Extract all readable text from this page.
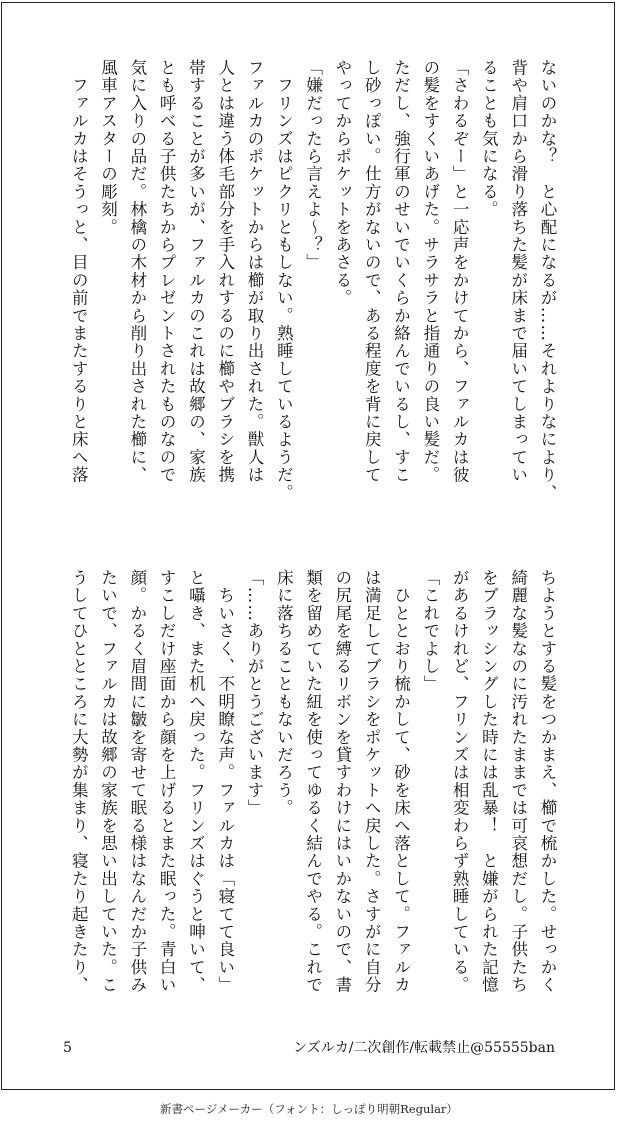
ないのかな？　と心配になるが……それよりなにより、
背や肩口から滑り落ちた髪が床まで届いてしまってい
ることも気になる。
「さわるぞー」と一応声をかけてから、ファルカは彼
の髪をすくいあげた。サラサラと指通りの良い髪だ。
ただし、強行軍のせいでいくらか絡んでいるし、すこ
し砂っぽい。仕方がないので、ある程度を背に戻して
やってからポケットをあさる。
「嫌だったら言えよ～？」
　フリンズはピクリともしない。熟睡しているようだ。
ファルカのポケットからは櫛が取り出された。獣人は
人とは違う体毛部分を手入れするのに櫛やブラシを携
帯することが多いが、ファルカのこれは故郷の、家族
とも呼べる子供たちからプレゼントされたものなので
気に入りの品だ。林檎の木材から削り出された櫛に、
風車アスターの彫刻。
　ファルカはそうっと、目の前でまたするりと床へ落
ちようとする髪をつかまえ、櫛で梳かした。せっかく
綺麗な髪なのに汚れたままでは可哀想だし。子供たち
をブラッシングした時には乱暴！　と嫌がられた記憶
があるけれど、フリンズは相変わらず熟睡している。
「これでよし」
　ひととおり梳かして、砂を床へ落として。ファルカ
は満足してブラシをポケットへ戻した。さすがに自分
の尻尾を縛るリボンを貸すわけにはいかないので、書
類を留めていた紐を使ってゆるく結んでやる。これで
床に落ちることもないだろう。
「……ありがとうございます」
　ちいさく、不明瞭な声。ファルカは「寝てて良い」
と囁き、また机へ戻った。フリンズはぐうと呻いて、
すこしだけ座面から顔を上げるとまた眠った。青白い
顔。かるく眉間に皺を寄せて眠る様はなんだか子供み
たいで、ファルカは故郷の家族を思い出していた。こ
うしてひとところに大勢が集まり、寝たり起きたり、
5	ンズルカ/二次創作/転載禁止@55555ban
新書ページメーカー（フォント：しっぽり明朝Regular）
